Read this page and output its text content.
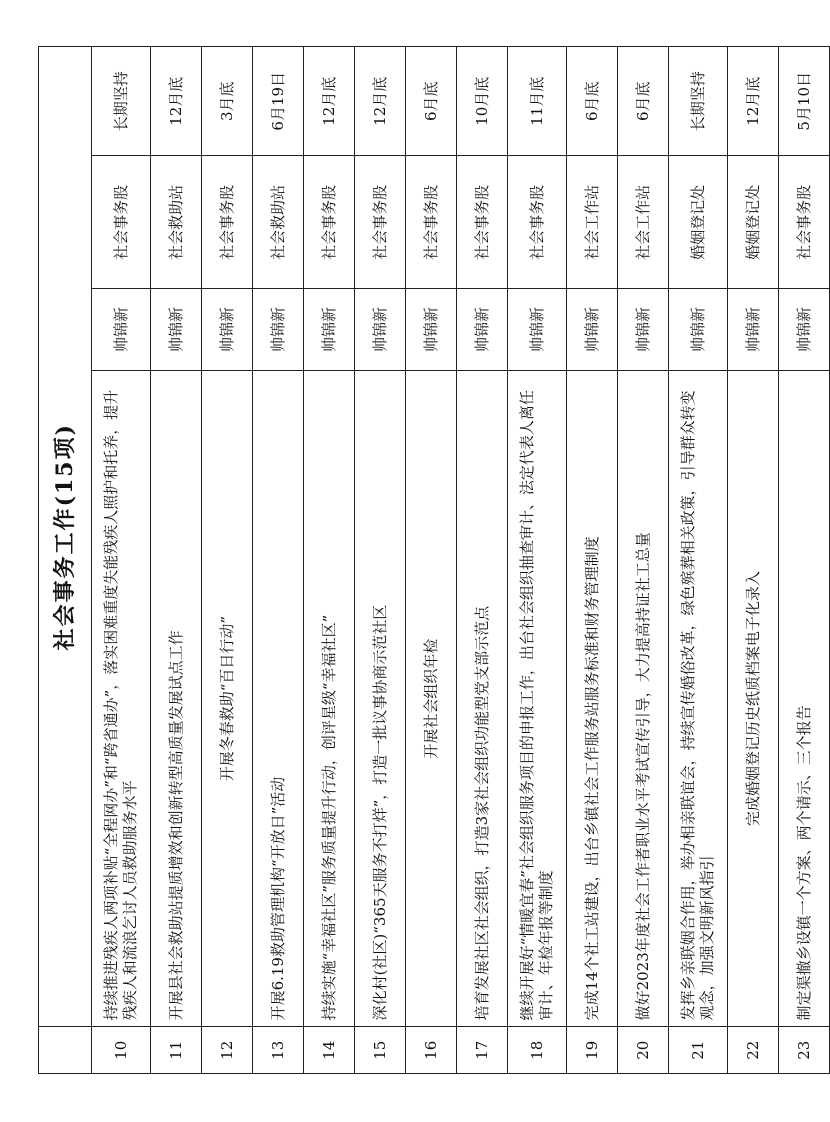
	社会事务工作(15项)			
10	持续推进残疾人两项补贴“全程网办”和“跨省通办”，落实困难重度失能残疾人照护和托养，提升残疾人和流浪乞讨人员救助服务水平	帅锦新	社会事务股	长期坚持
11	开展县社会救助站提质增效和创新转型高质量发展试点工作	帅锦新	社会救助站	12月底
12	开展冬春救助“百日行动”	帅锦新	社会事务股	3月底
13	开展6.19救助管理机构“开放日”活动	帅锦新	社会救助站	6月19日
14	持续实施“幸福社区”服务质量提升行动，创评星级“幸福社区”	帅锦新	社会事务股	12月底
15	深化村(社区)“365天服务不打烊”，打造一批议事协商示范社区	帅锦新	社会事务股	12月底
16	开展社会组织年检	帅锦新	社会事务股	6月底
17	培育发展社区社会组织，打造3家社会组织功能型党支部示范点	帅锦新	社会事务股	10月底
18	继续开展好“情暖宜春”社会组织服务项目的申报工作，出台社会组织抽查审计、法定代表人离任审计、年检年报等制度	帅锦新	社会事务股	11月底
19	完成14个社工站建设，出台乡镇社会工作服务站服务标准和财务管理制度	帅锦新	社会工作站	6月底
20	做好2023年度社会工作者职业水平考试宣传引导，大力提高持证社工总量	帅锦新	社会工作站	6月底
21	发挥乡亲联姻合作用，举办相亲联谊会，持续宣传婚俗改革，绿色殡葬相关政策，引导群众转变观念，加强文明新风指引	帅锦新	婚姻登记处	长期坚持
22	完成婚姻登记历史纸质档案电子化录入	帅锦新	婚姻登记处	12月底
23	制定渠撤乡设镇一个方案、两个请示、三个报告	帅锦新	社会事务股	5月10日
